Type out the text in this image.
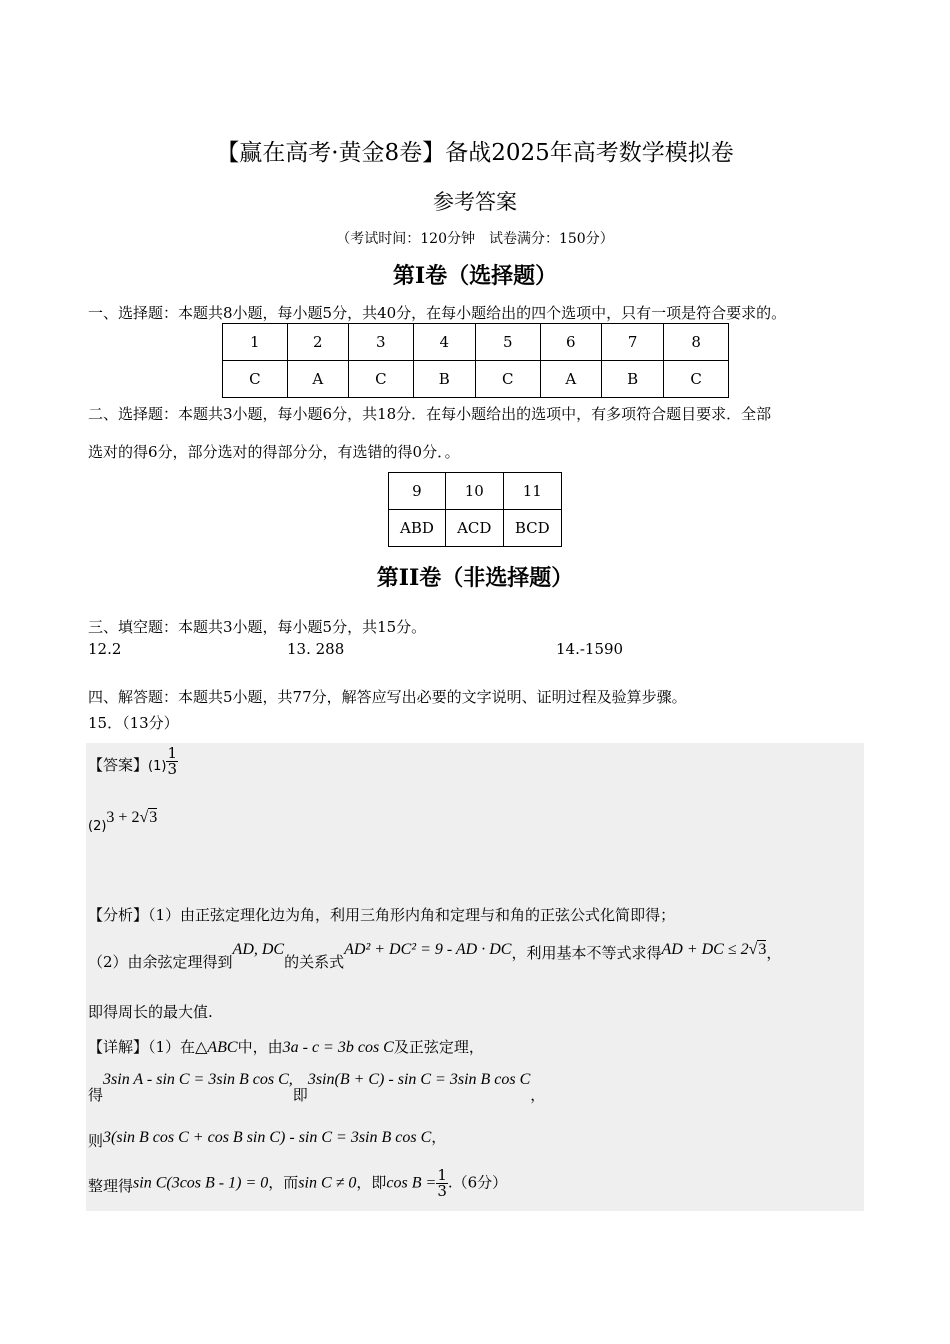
【赢在高考·黄金8卷】备战2025年高考数学模拟卷
参考答案
（考试时间：120分钟　试卷满分：150分）
第I卷（选择题）
一、选择题：本题共8小题，每小题5分，共40分，在每小题给出的四个选项中，只有一项是符合要求的。
1	2	3	4	5	6	7	8
C	A	C	B	C	A	B	C
二、选择题：本题共3小题，每小题6分，共18分．在每小题给出的选项中，有多项符合题目要求．全部
选对的得6分，部分选对的得部分分，有选错的得0分．。
9	10	11
ABD	ACD	BCD
第II卷（非选择题）
三、填空题：本题共3小题，每小题5分，共15分。
12.2	13. 288	14.-1590
四、解答题：本题共5小题，共77分，解答应写出必要的文字说明、证明过程及验算步骤。
15．（13分）
【答案】$(1) \frac{1}{3}$
(2)3 + 2√3
【分析】（1）由正弦定理化边为角，利用三角形内角和定理与和角的正弦公式化简即得；
（2）由余弦定理得到AD, DC的关系式AD² + DC² = 9 - AD · DC，利用基本不等式求得AD + DC ≤ 2√3，
即得周长的最大值.
【详解】（1）在△ABC中，由3a - c = 3b cos C及正弦定理，
得3sin A - sin C = 3sin B cos C,即3sin(B + C) - sin C = 3sin B cos C，
则3(sin B cos C + cos B sin C) - sin C = 3sin B cos C，
整理得sin C(3cos B - 1) = 0，而sin C ≠ 0，即$\cos B = \frac{1}{3} .(6$分）
